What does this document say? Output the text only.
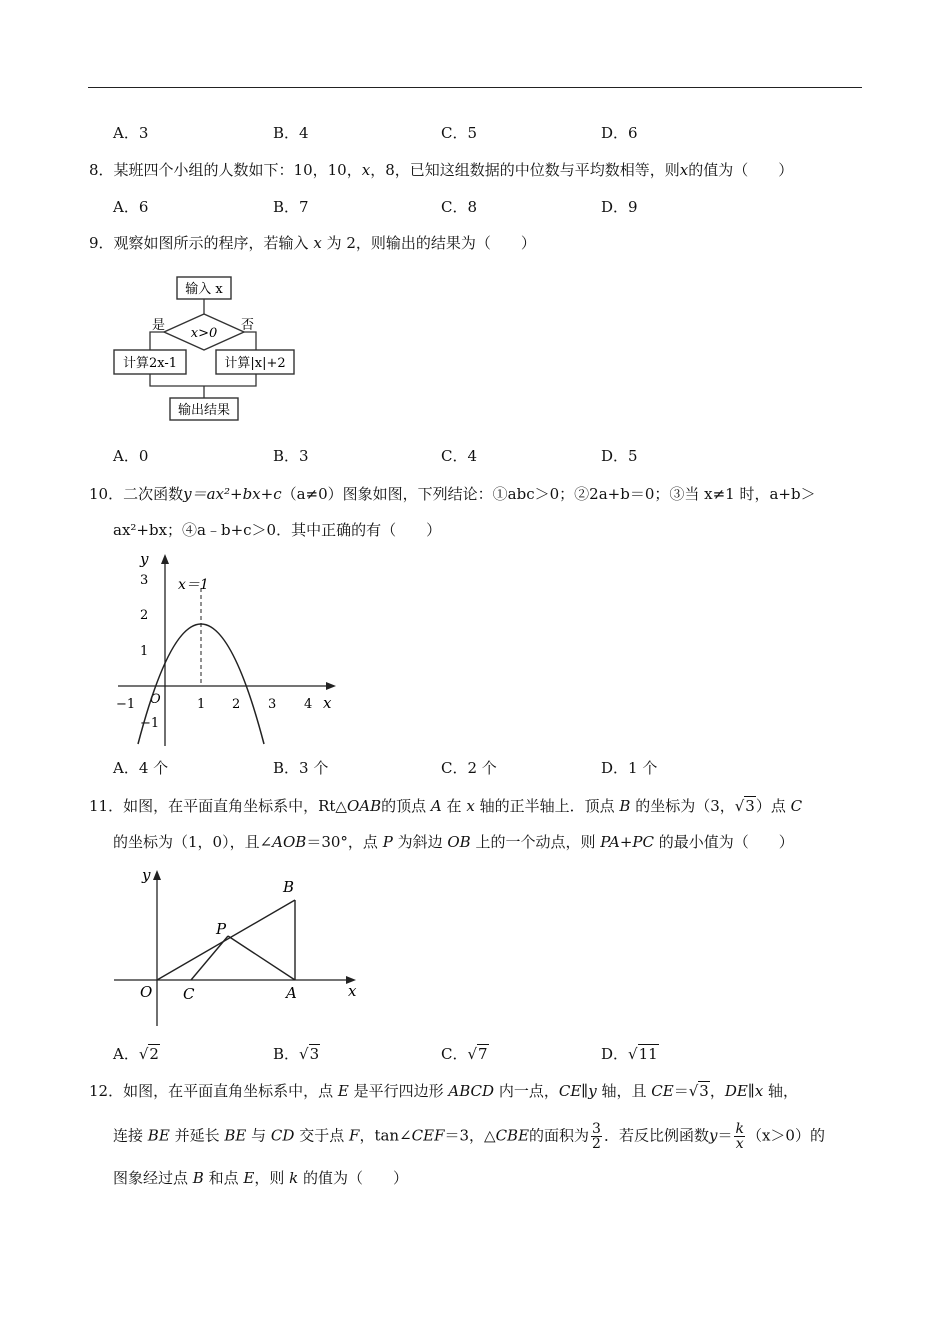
A．3	B．4	C．5	D．6
8．某班四个小组的人数如下：10，10，x，8，已知这组数据的中位数与平均数相等，则x的值为（　　）
A．6	B．7	C．8	D．9
9．观察如图所示的程序，若输入 x 为 2，则输出的结果为（　　）
输入 x
x>0
是	否
计算2x-1	计算|x|+2
输出结果
A．0	B．3	C．4	D．5
10．二次函数y＝ax²+bx+c（a≠0）图象如图，下列结论：①abc＞0；②2a+b＝0；③当 x≠1 时，a+b＞
ax²+bx；④a﹣b+c＞0．其中正确的有（　　）
y
x
O
3
2
1
−1
−1	1 2 3 4
x＝1
A．4 个	B．3 个	C．2 个	D．1 个
11．如图，在平面直角坐标系中，Rt△OAB的顶点 A 在 x 轴的正半轴上．顶点 B 的坐标为（3，√3）点 C
的坐标为（1，0），且∠AOB＝30°，点 P 为斜边 OB 上的一个动点，则 PA+PC 的最小值为（　　）
y
x
O C	A
B
P
A．√2	B．√3	C．√7	D．√11
12．如图，在平面直角坐标系中，点 E 是平行四边形 ABCD 内一点，CE∥y 轴，且 CE＝√3，DE∥x 轴，
连接 BE 并延长 BE 与 CD 交于点 F，tan∠CEF＝3，△CBE的面积为 $\frac{3}{2}$ ．若反比例函数$y= \frac{k}{x} (x>0)$的
图象经过点 B 和点 E，则 k 的值为（　　）
